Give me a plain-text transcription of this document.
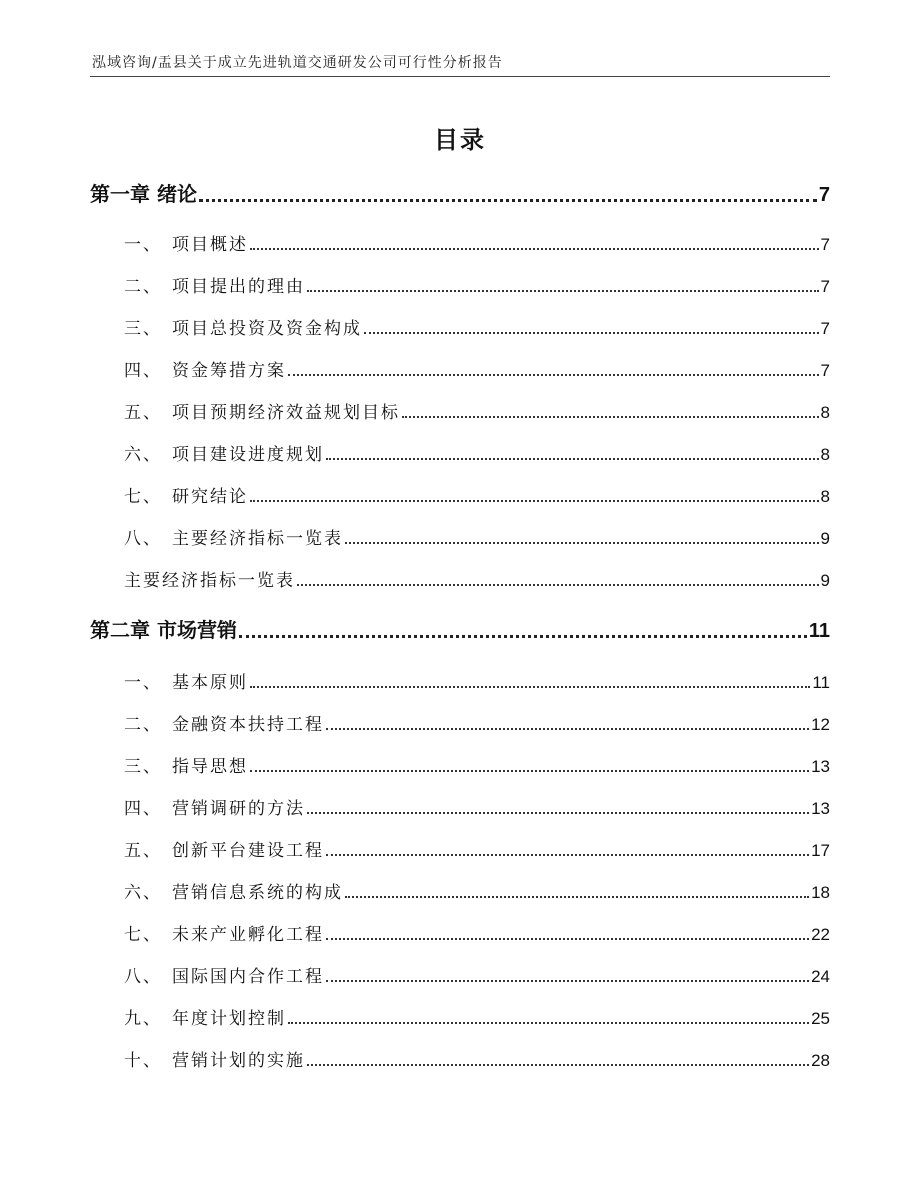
泓域咨询/盂县关于成立先进轨道交通研发公司可行性分析报告
目录
第一章 绪论	7
一、 项目概述	7
二、 项目提出的理由	7
三、 项目总投资及资金构成	7
四、 资金筹措方案	7
五、 项目预期经济效益规划目标	8
六、 项目建设进度规划	8
七、 研究结论	8
八、 主要经济指标一览表	9
主要经济指标一览表	9
第二章 市场营销	11
一、 基本原则	11
二、 金融资本扶持工程	12
三、 指导思想	13
四、 营销调研的方法	13
五、 创新平台建设工程	17
六、 营销信息系统的构成	18
七、 未来产业孵化工程	22
八、 国际国内合作工程	24
九、 年度计划控制	25
十、 营销计划的实施	28
